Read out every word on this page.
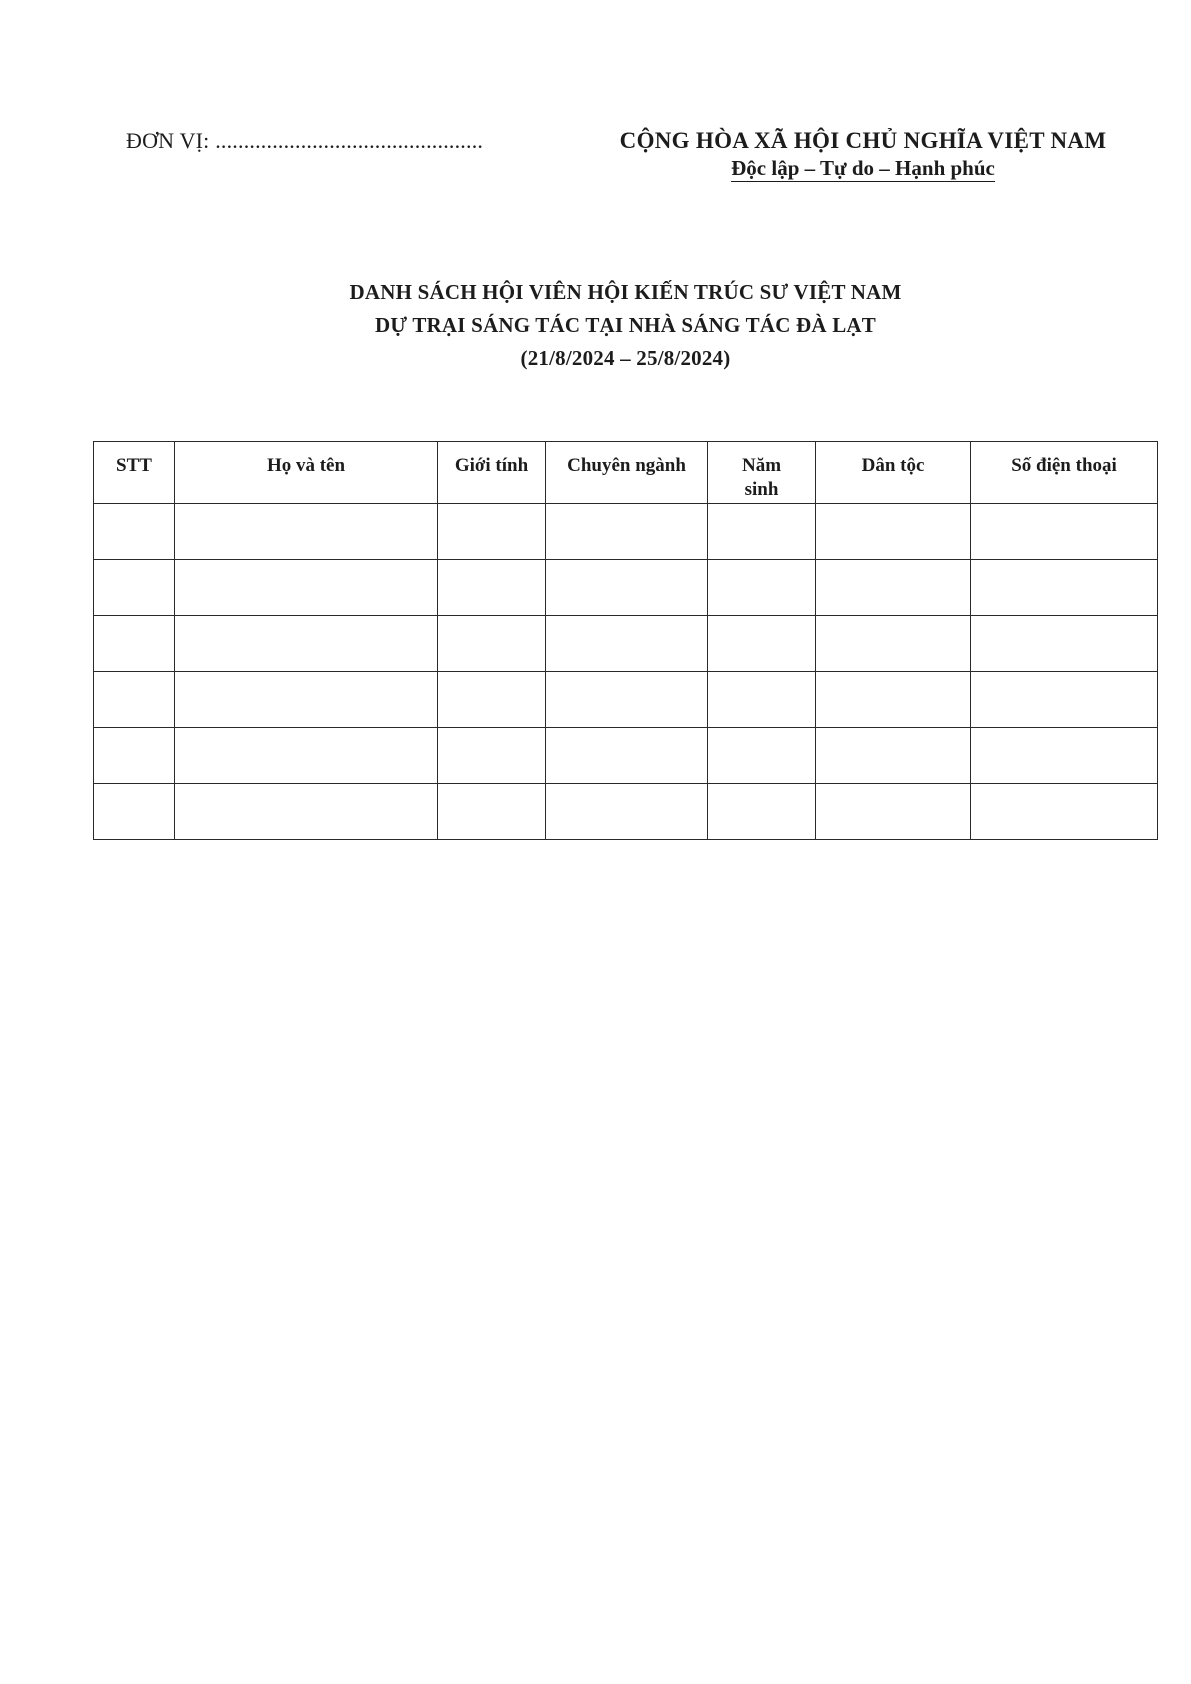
ĐƠN VỊ: ...............................................	CỘNG HÒA XÃ HỘI CHỦ NGHĨA VIỆT NAM
Độc lập – Tự do – Hạnh phúc
DANH SÁCH HỘI VIÊN HỘI KIẾN TRÚC SƯ VIỆT NAM
DỰ TRẠI SÁNG TÁC TẠI NHÀ SÁNG TÁC ĐÀ LẠT
(21/8/2024 – 25/8/2024)
STT	Họ và tên	Giới tính	Chuyên ngành	Năm sinh	Dân tộc	Số điện thoại
